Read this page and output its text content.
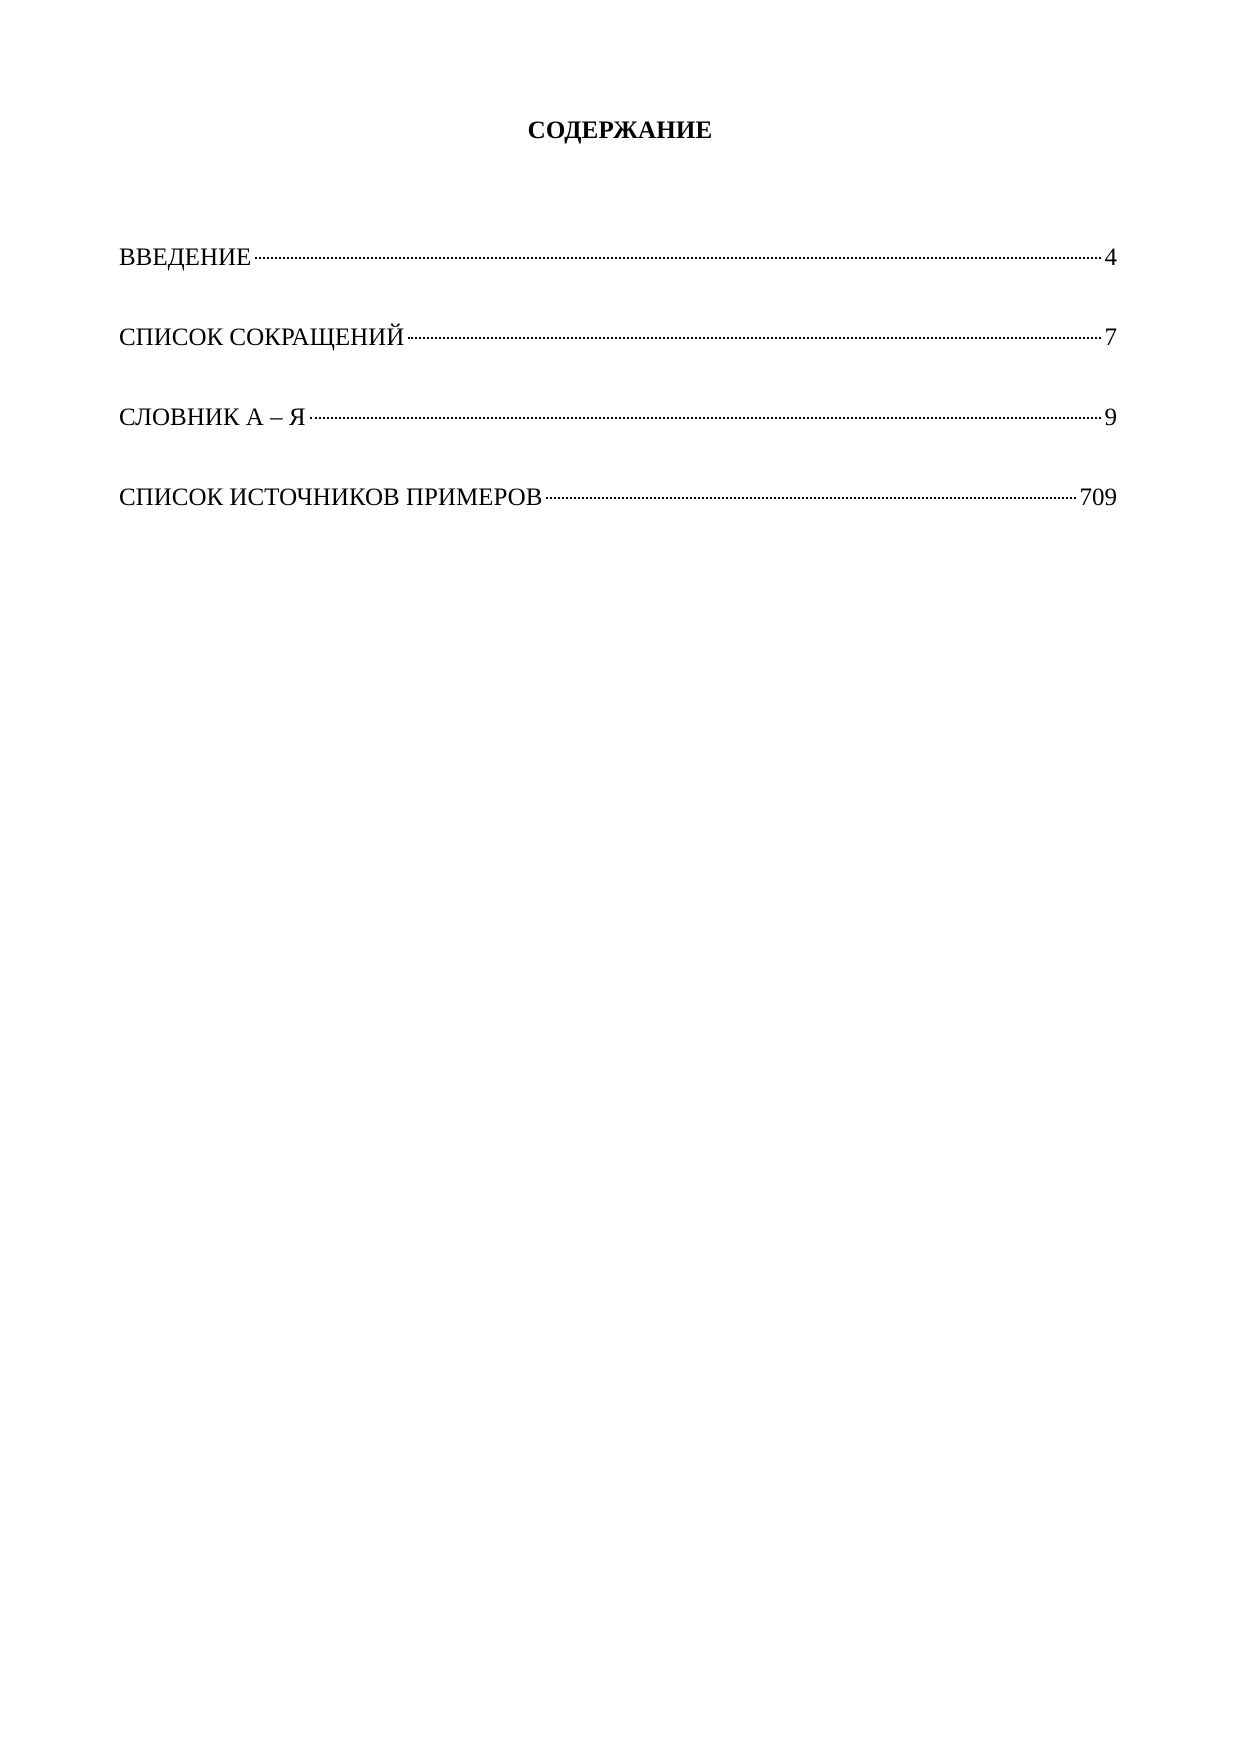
СОДЕРЖАНИЕ
ВВЕДЕНИЕ	4
СПИСОК СОКРАЩЕНИЙ	7
СЛОВНИК А – Я	9
СПИСОК ИСТОЧНИКОВ ПРИМЕРОВ	709
